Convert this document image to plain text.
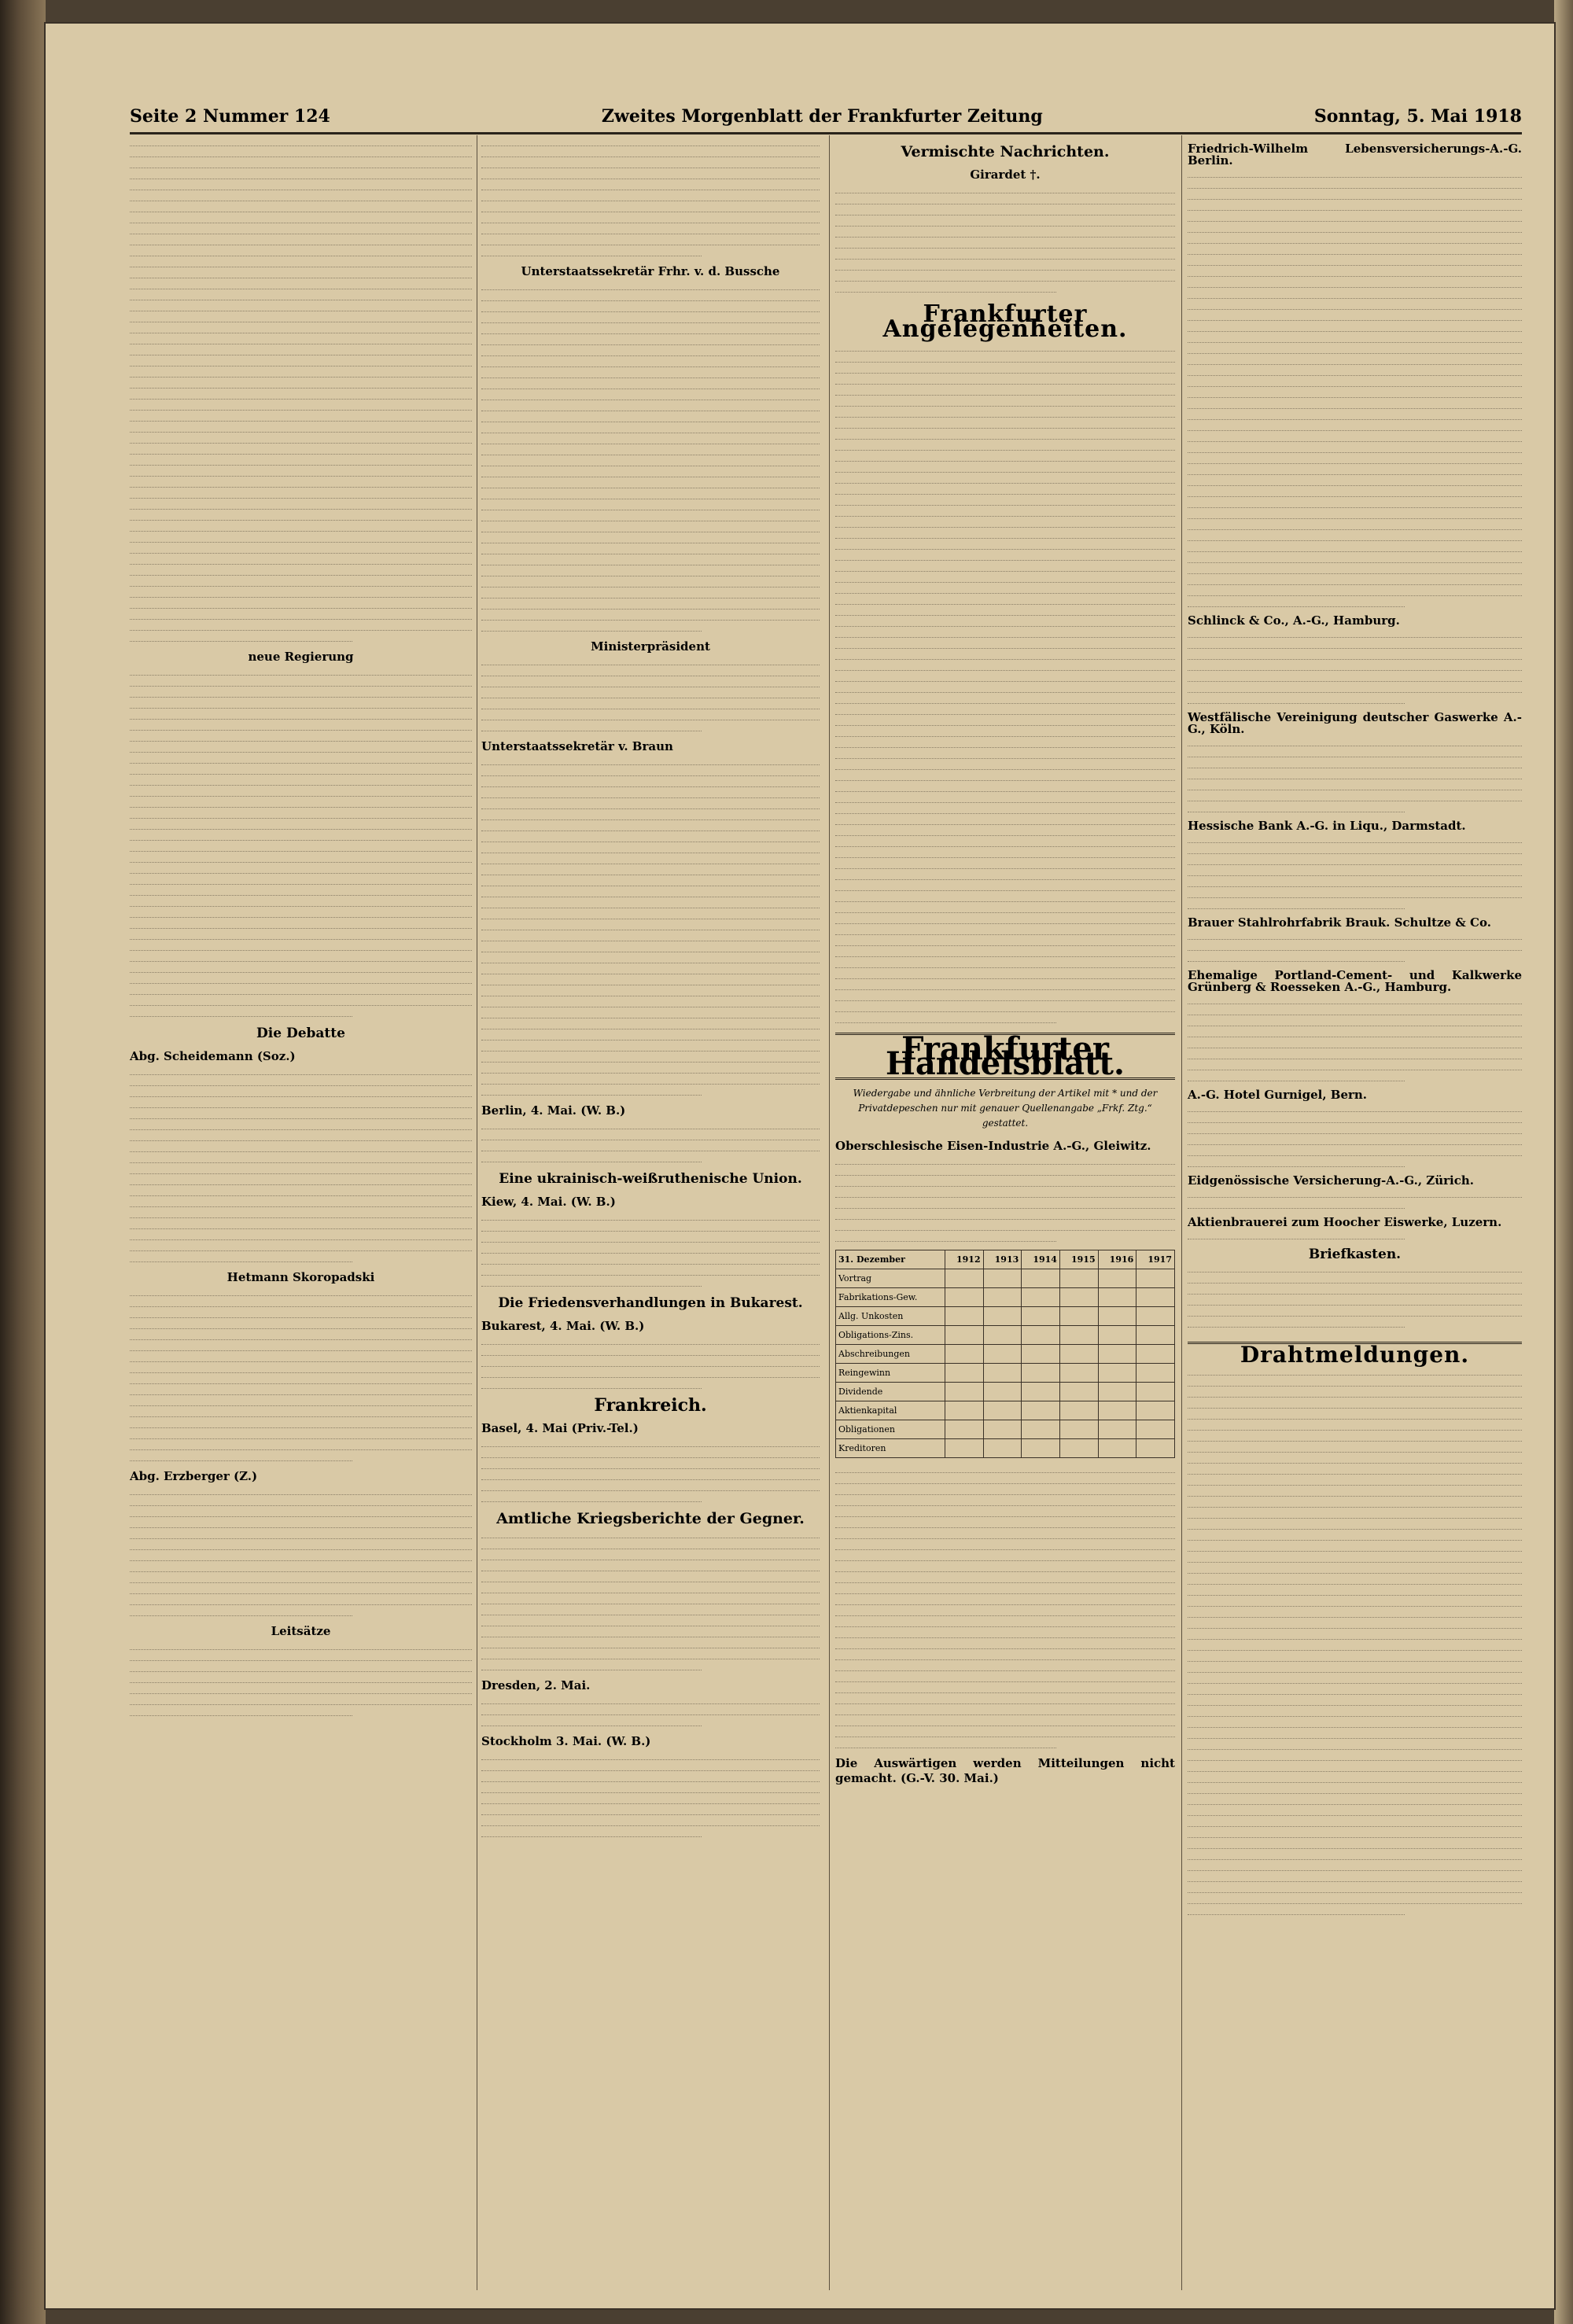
Seite 2 Nummer 124	Zweites Morgenblatt der Frankfurter Zeitung	Sonntag, 5. Mai 1918
neue Regierung
Die Debatte
Abg. Scheidemann (Soz.)
Hetmann Skoropadski
Abg. Erzberger (Z.)
Leitsätze
Unterstaatssekretär Frhr. v. d. Bussche
Ministerpräsident
Unterstaatssekretär v. Braun
Berlin, 4. Mai. (W. B.)
Eine ukrainisch-weißruthenische Union.
Kiew, 4. Mai. (W. B.)
Die Friedensverhandlungen in Bukarest.
Bukarest, 4. Mai. (W. B.)
Frankreich.
Basel, 4. Mai (Priv.-Tel.)
Amtliche Kriegsberichte der Gegner.
Dresden, 2. Mai.
Stockholm 3. Mai. (W. B.)
Vermischte Nachrichten.
Girardet †.
Frankfurter Angelegenheiten.
Frankfurter Handelsblatt.
Wiedergabe und ähnliche Verbreitung der Artikel mit * und der Privatdepeschen nur mit genauer Quellenangabe „Frkf. Ztg.“ gestattet.
Oberschlesische Eisen-Industrie A.-G., Gleiwitz.
31. Dezember	1912	1913	1914	1915	1916	1917
Vortrag						
Fabrikations-Gew.						
Allg. Unkosten						
Obligations-Zins.						
Abschreibungen						
Reingewinn						
Dividende						
Aktienkapital						
Obligationen						
Kreditoren						
Die Auswärtigen werden Mitteilungen nicht gemacht. (G.-V. 30. Mai.)
Friedrich-Wilhelm Lebensversicherungs-A.-G. Berlin.
Schlinck & Co., A.-G., Hamburg.
Westfälische Vereinigung deutscher Gaswerke A.-G., Köln.
Hessische Bank A.-G. in Liqu., Darmstadt.
Brauer Stahlrohrfabrik Brauk. Schultze & Co.
Ehemalige Portland-Cement- und Kalkwerke Grünberg & Roesseken A.-G., Hamburg.
A.-G. Hotel Gurnigel, Bern.
Eidgenössische Versicherung-A.-G., Zürich.
Aktienbrauerei zum Hoocher Eiswerke, Luzern.
Briefkasten.
Drahtmeldungen.
